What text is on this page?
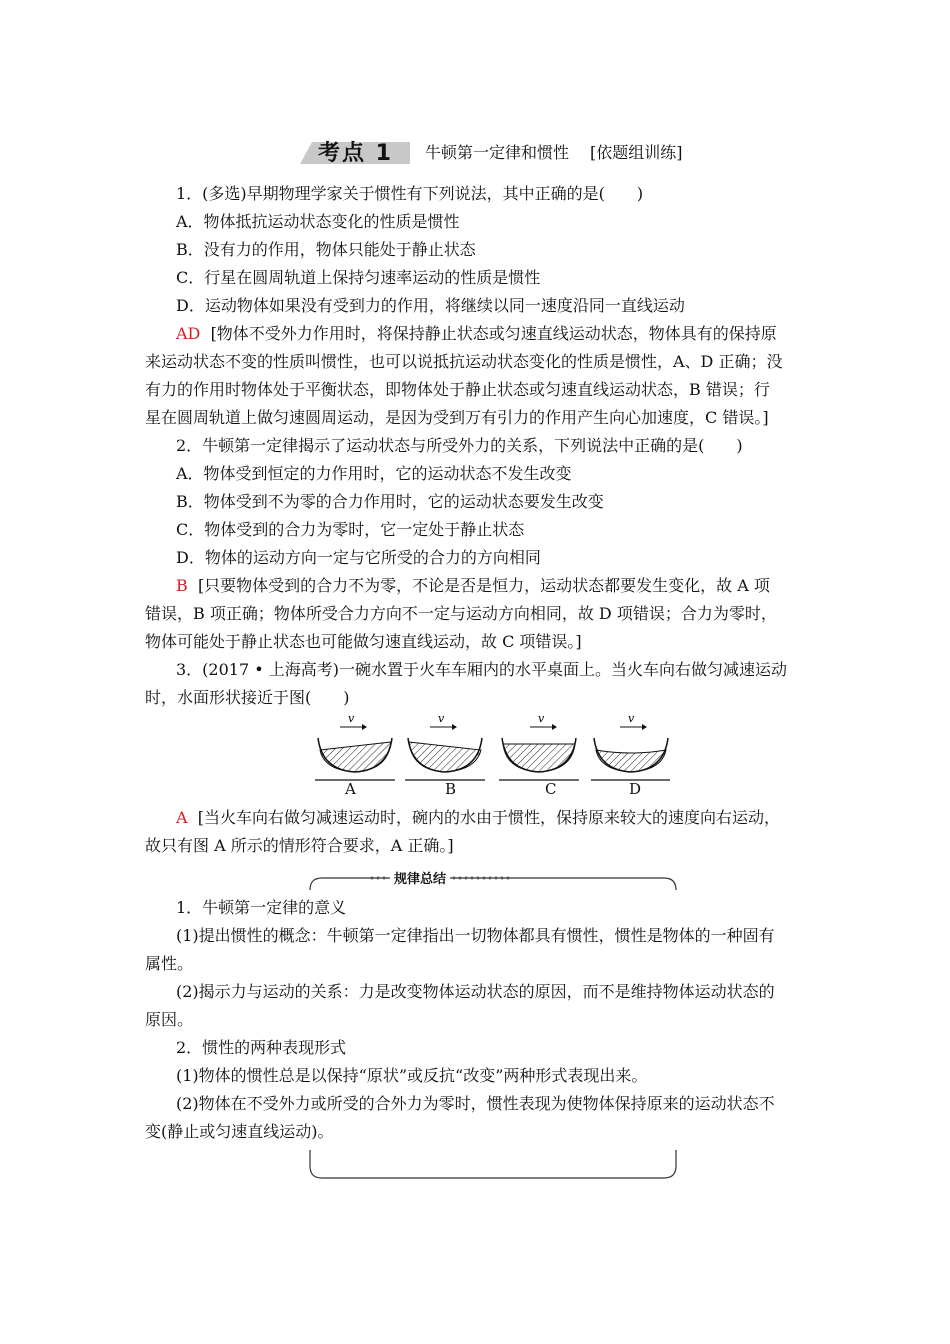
考点 1 牛顿第一定律和惯性 [依题组训练]
1．(多选)早期物理学家关于惯性有下列说法，其中正确的是(　　)
A．物体抵抗运动状态变化的性质是惯性
B．没有力的作用，物体只能处于静止状态
C．行星在圆周轨道上保持匀速率运动的性质是惯性
D．运动物体如果没有受到力的作用，将继续以同一速度沿同一直线运动
AD [物体不受外力作用时，将保持静止状态或匀速直线运动状态，物体具有的保持原
来运动状态不变的性质叫惯性，也可以说抵抗运动状态变化的性质是惯性，A、D 正确；没
有力的作用时物体处于平衡状态，即物体处于静止状态或匀速直线运动状态，B 错误；行
星在圆周轨道上做匀速圆周运动，是因为受到万有引力的作用产生向心加速度，C 错误。]
2．牛顿第一定律揭示了运动状态与所受外力的关系，下列说法中正确的是(　　)
A．物体受到恒定的力作用时，它的运动状态不发生改变
B．物体受到不为零的合力作用时，它的运动状态要发生改变
C．物体受到的合力为零时，它一定处于静止状态
D．物体的运动方向一定与它所受的合力的方向相同
B [只要物体受到的合力不为零，不论是否是恒力，运动状态都要发生变化，故 A 项
错误，B 项正确；物体所受合力方向不一定与运动方向相同，故 D 项错误；合力为零时，
物体可能处于静止状态也可能做匀速直线运动，故 C 项错误。]
3．(2017 • 上海高考)一碗水置于火车车厢内的水平桌面上。当火车向右做匀减速运动
时，水面形状接近于图(　　)
v	v	v	v
A	B	C	D
A [当火车向右做匀减速运动时，碗内的水由于惯性，保持原来较大的速度向右运动，
故只有图 A 所示的情形符合要求，A 正确。]
规律总结
1．牛顿第一定律的意义
(1)提出惯性的概念：牛顿第一定律指出一切物体都具有惯性，惯性是物体的一种固有
属性。
(2)揭示力与运动的关系：力是改变物体运动状态的原因，而不是维持物体运动状态的
原因。
2．惯性的两种表现形式
(1)物体的惯性总是以保持“原状”或反抗“改变”两种形式表现出来。
(2)物体在不受外力或所受的合外力为零时，惯性表现为使物体保持原来的运动状态不
变(静止或匀速直线运动)。
